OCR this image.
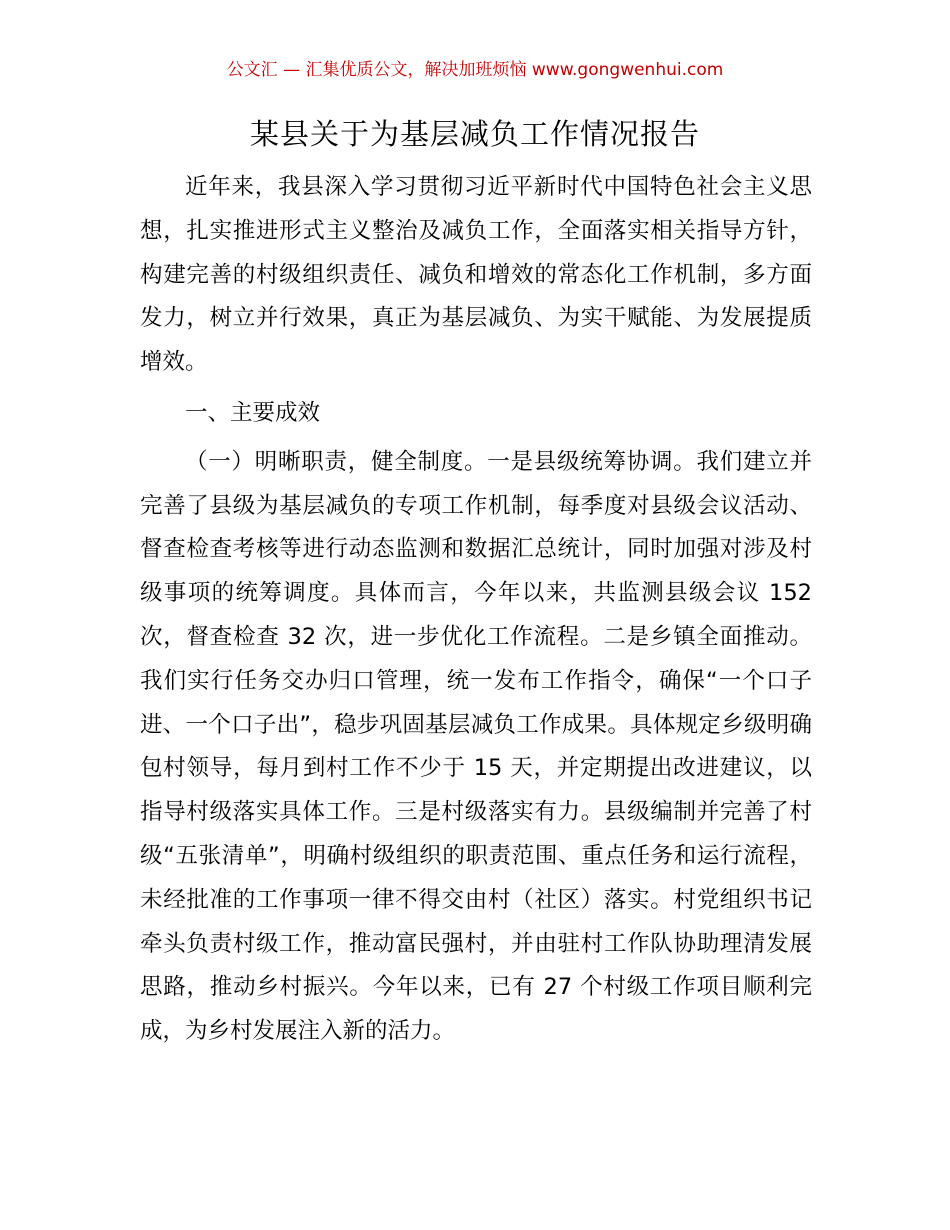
公文汇 — 汇集优质公文，解决加班烦恼 www.gongwenhui.com
某县关于为基层减负工作情况报告

近年来，我县深入学习贯彻习近平新时代中国特色社会主义思想，扎实推进形式主义整治及减负工作，全面落实相关指导方针，构建完善的村级组织责任、减负和增效的常态化工作机制，多方面发力，树立并行效果，真正为基层减负、为实干赋能、为发展提质增效。

一、主要成效

（一）明晰职责，健全制度。一是县级统筹协调。我们建立并完善了县级为基层减负的专项工作机制，每季度对县级会议活动、督查检查考核等进行动态监测和数据汇总统计，同时加强对涉及村级事项的统筹调度。具体而言，今年以来，共监测县级会议 152 次，督查检查 32 次，进一步优化工作流程。二是乡镇全面推动。我们实行任务交办归口管理，统一发布工作指令，确保“一个口子进、一个口子出”，稳步巩固基层减负工作成果。具体规定乡级明确包村领导，每月到村工作不少于 15 天，并定期提出改进建议，以指导村级落实具体工作。三是村级落实有力。县级编制并完善了村级“五张清单”，明确村级组织的职责范围、重点任务和运行流程，未经批准的工作事项一律不得交由村（社区）落实。村党组织书记牵头负责村级工作，推动富民强村，并由驻村工作队协助理清发展思路，推动乡村振兴。今年以来，已有 27 个村级工作项目顺利完成，为乡村发展注入新的活力。
